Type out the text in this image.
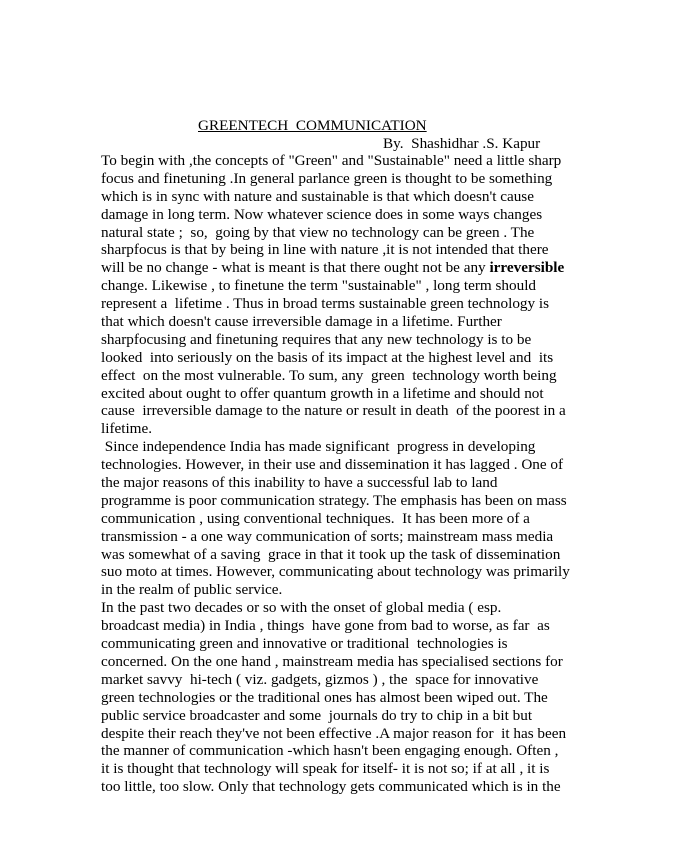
GREENTECH  COMMUNICATION
By.  Shashidhar .S. Kapur
To begin with ,the concepts of "Green" and "Sustainable" need a little sharp
focus and finetuning .In general parlance green is thought to be something
which is in sync with nature and sustainable is that which doesn't cause
damage in long term. Now whatever science does in some ways changes
natural state ;  so,  going by that view no technology can be green . The
sharpfocus is that by being in line with nature ,it is not intended that there
will be no change - what is meant is that there ought not be any irreversible
change. Likewise , to finetune the term "sustainable" , long term should
represent a  lifetime . Thus in broad terms sustainable green technology is
that which doesn't cause irreversible damage in a lifetime. Further
sharpfocusing and finetuning requires that any new technology is to be
looked  into seriously on the basis of its impact at the highest level and  its
effect  on the most vulnerable. To sum, any  green  technology worth being
excited about ought to offer quantum growth in a lifetime and should not
cause  irreversible damage to the nature or result in death  of the poorest in a
lifetime.
Since independence India has made significant  progress in developing
technologies. However, in their use and dissemination it has lagged . One of
the major reasons of this inability to have a successful lab to land
programme is poor communication strategy. The emphasis has been on mass
communication , using conventional techniques.  It has been more of a
transmission - a one way communication of sorts; mainstream mass media
was somewhat of a saving  grace in that it took up the task of dissemination
suo moto at times. However, communicating about technology was primarily
in the realm of public service.
In the past two decades or so with the onset of global media ( esp.
broadcast media) in India , things  have gone from bad to worse, as far  as
communicating green and innovative or traditional  technologies is
concerned. On the one hand , mainstream media has specialised sections for
market savvy  hi-tech ( viz. gadgets, gizmos ) , the  space for innovative
green technologies or the traditional ones has almost been wiped out. The
public service broadcaster and some  journals do try to chip in a bit but
despite their reach they've not been effective .A major reason for  it has been
the manner of communication -which hasn't been engaging enough. Often ,
it is thought that technology will speak for itself- it is not so; if at all , it is
too little, too slow. Only that technology gets communicated which is in the
